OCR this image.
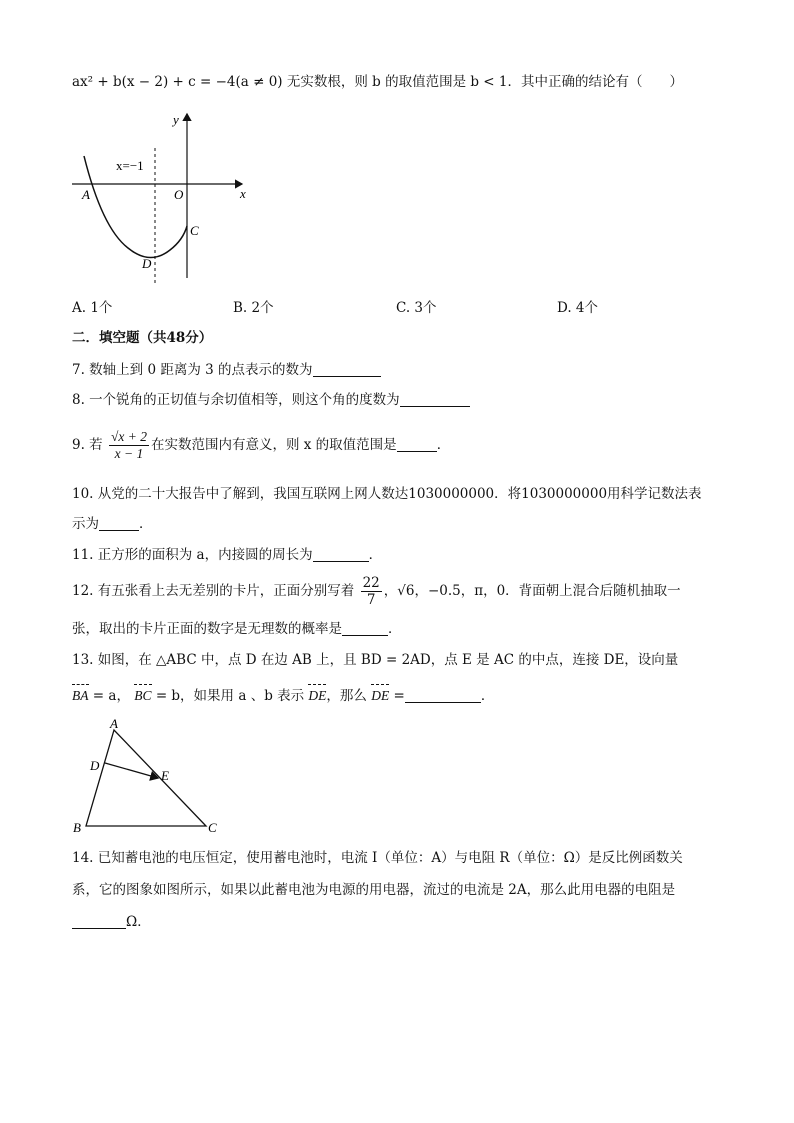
ax² + b(x − 2) + c = −4(a ≠ 0) 无实数根，则 b 的取值范围是 b < 1．其中正确的结论有（　　）
y
x
x=−1
A	O
C
D
A. 1个	B. 2个	C. 3个	D. 4个
二．填空题（共48分）
7. 数轴上到 0 距离为 3 的点表示的数为
8. 一个锐角的正切值与余切值相等，则这个角的度数为
9. 若 $\frac{√x + 2}{x - 1}$ 在实数范围内有意义，则 x 的取值范围是	．
10. 从党的二十大报告中了解到，我国互联网上网人数达1030000000．将1030000000用科学记数法表
示为	．
11. 正方形的面积为 a，内接圆的周长为	．
12. 有五张看上去无差别的卡片，正面分别写着 $\frac{22}{7}$ ，√6，−0.5，π，0．背面朝上混合后随机抽取一
张，取出的卡片正面的数字是无理数的概率是	．
13. 如图，在 △ABC 中，点 D 在边 AB 上，且 BD = 2AD，点 E 是 AC 的中点，连接 DE，设向量
BA = a， BC = b，如果用 a 、b 表示 DE，那么 DE =	．
A
D
E
B	C
14. 已知蓄电池的电压恒定，使用蓄电池时，电流 I（单位：A）与电阻 R（单位：Ω）是反比例函数关
系，它的图象如图所示，如果以此蓄电池为电源的用电器，流过的电流是 2A，那么此用电器的电阻是
Ω．
